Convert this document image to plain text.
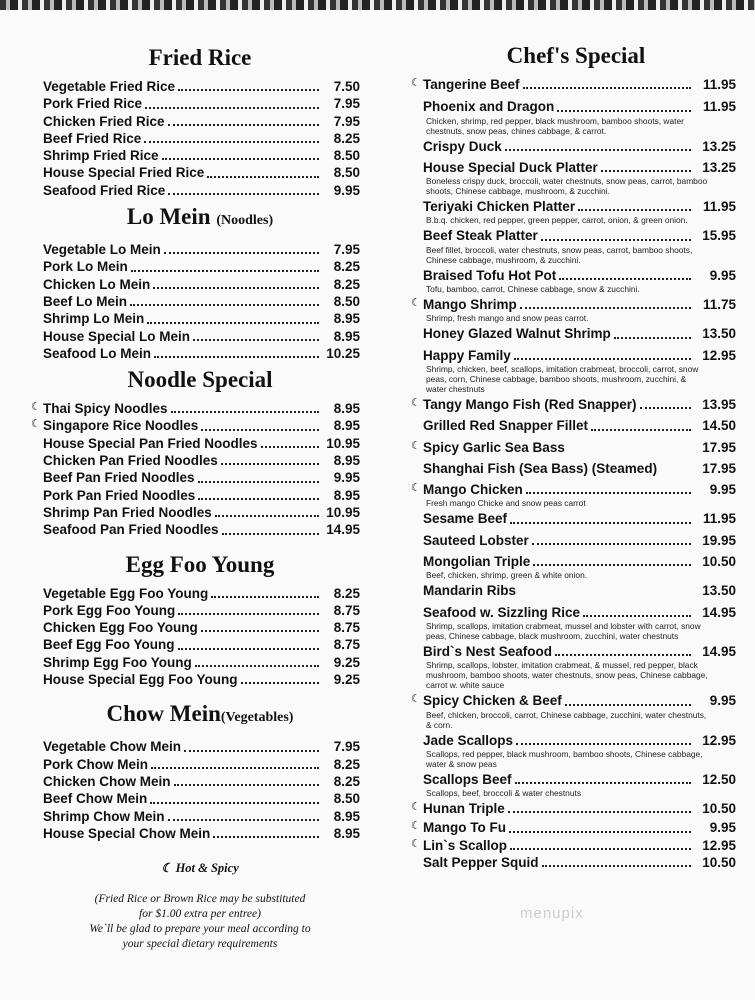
Fried Rice
Vegetable Fried Rice	7.50
Pork Fried Rice	7.95
Chicken Fried Rice	7.95
Beef Fried Rice	8.25
Shrimp Fried Rice	8.50
House Special Fried Rice	8.50
Seafood Fried Rice	9.95
Lo Mein (Noodles)
Vegetable Lo Mein	7.95
Pork Lo Mein	8.25
Chicken Lo Mein	8.25
Beef Lo Mein	8.50
Shrimp Lo Mein	8.95
House Special Lo Mein	8.95
Seafood Lo Mein	10.25
Noodle Special
☾ Thai Spicy Noodles	8.95
☾ Singapore Rice Noodles	8.95
House Special Pan Fried Noodles	10.95
Chicken Pan Fried Noodles	8.95
Beef Pan Fried Noodles	9.95
Pork Pan Fried Noodles	8.95
Shrimp Pan Fried Noodles	10.95
Seafood Pan Fried Noodles	14.95
Egg Foo Young
Vegetable Egg Foo Young	8.25
Pork Egg Foo Young	8.75
Chicken Egg Foo Young	8.75
Beef Egg Foo Young	8.75
Shrimp Egg Foo Young	9.25
House Special Egg Foo Young	9.25
Chow Mein(Vegetables)
Vegetable Chow Mein	7.95
Pork Chow Mein	8.25
Chicken Chow Mein	8.25
Beef Chow Mein	8.50
Shrimp Chow Mein	8.95
House Special Chow Mein	8.95
☾ Hot & Spicy
(Fried Rice or Brown Rice may be substituted
for $1.00 extra per entree)
We`ll be glad to prepare your meal according to
your special dietary requirements
Chef's Special
☾ Tangerine Beef	11.95
Phoenix and Dragon	11.95
Chicken, shrimp, red pepper, black mushroom, bamboo shoots, water chestnuts, snow peas, chines cabbage, & carrot.
Crispy Duck	13.25
House Special Duck Platter	13.25
Boneless crispy duck, broccoli, water chestnuts, snow peas, carrot, bamboo shoots, Chinese cabbage, mushroom, & zucchini.
Teriyaki Chicken Platter	11.95
B.b.q. chicken, red pepper, green pepper, carrot, onion, & green onion.
Beef Steak Platter	15.95
Beef fillet, broccoli, water chestnuts, snow peas, carrot, bamboo shoots, Chinese cabbage, mushroom, & zucchini.
Braised Tofu Hot Pot	9.95
Tofu, bamboo, carrot, Chinese cabbage, snow & zucchini.
☾ Mango Shrimp	11.75
Shrimp, fresh mango and snow peas carrot.
Honey Glazed Walnut Shrimp	13.50
Happy Family	12.95
Shrimp, chicken, beef, scallops, imitation crabmeat, broccoli, carrot, snow peas, corn, Chinese cabbage, bamboo shoots, mushroom, zucchini, & water chestnuts
☾ Tangy Mango Fish (Red Snapper)	13.95
Grilled Red Snapper Fillet	14.50
☾ Spicy Garlic Sea Bass	17.95
Shanghai Fish (Sea Bass) (Steamed)	17.95
☾ Mango Chicken	9.95
Fresh mango Chicke and snow peas carrot
Sesame Beef	11.95
Sauteed Lobster	19.95
Mongolian Triple	10.50
Beef, chicken, shrimp, green & white onion.
Mandarin Ribs	13.50
Seafood w. Sizzling Rice	14.95
Shrimp, scallops, imitation crabmeat, mussel and lobster with carrot, snow peas, Chinese cabbage, black mushroom, zucchini, water chestnuts
Bird`s Nest Seafood	14.95
Shrimp, scallops, lobster, imitation crabmeat, & mussel, red pepper, black mushroom, bamboo shoots, water chestnuts, snow peas, Chinese cabbage, carrot w. white sauce
☾ Spicy Chicken & Beef	9.95
Beef, chicken, broccoli, carrot, Chinese cabbage, zucchini, water chestnuts, & corn.
Jade Scallops	12.95
Scallops, red pepper, black mushroom, bamboo shoots, Chinese cabbage, water & snow peas
Scallops Beef	12.50
Scallops, beef, broccoli & water chestnuts
☾ Hunan Triple	10.50
☾ Mango To Fu	9.95
☾ Lin`s Scallop	12.95
Salt Pepper Squid	10.50
menupix
